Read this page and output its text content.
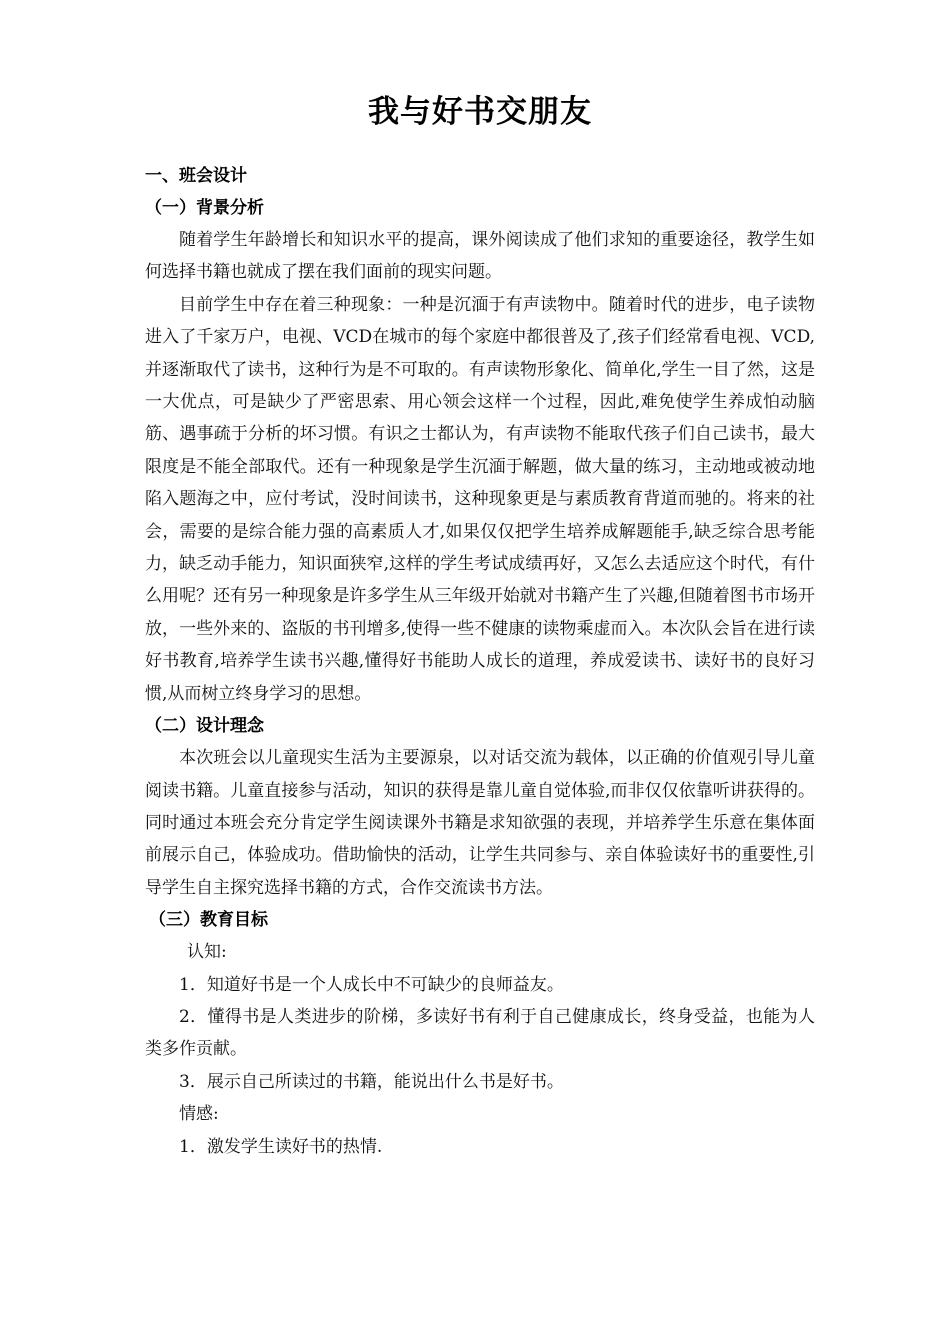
我与好书交朋友
一、班会设计
（一）背景分析

随着学生年龄增长和知识水平的提高，课外阅读成了他们求知的重要途径，教学生如何选择书籍也就成了摆在我们面前的现实问题。

目前学生中存在着三种现象：一种是沉湎于有声读物中。随着时代的进步，电子读物进入了千家万户，电视、VCD在城市的每个家庭中都很普及了,孩子们经常看电视、VCD,并逐渐取代了读书，这种行为是不可取的。有声读物形象化、简单化,学生一目了然，这是一大优点，可是缺少了严密思索、用心领会这样一个过程，因此,难免使学生养成怕动脑筋、遇事疏于分析的坏习惯。有识之士都认为，有声读物不能取代孩子们自己读书，最大限度是不能全部取代。还有一种现象是学生沉湎于解题，做大量的练习，主动地或被动地陷入题海之中，应付考试，没时间读书，这种现象更是与素质教育背道而驰的。将来的社会，需要的是综合能力强的高素质人才,如果仅仅把学生培养成解题能手,缺乏综合思考能力，缺乏动手能力，知识面狭窄,这样的学生考试成绩再好，又怎么去适应这个时代，有什么用呢？还有另一种现象是许多学生从三年级开始就对书籍产生了兴趣,但随着图书市场开放，一些外来的、盗版的书刊增多,使得一些不健康的读物乘虚而入。本次队会旨在进行读好书教育,培养学生读书兴趣,懂得好书能助人成长的道理，养成爱读书、读好书的良好习惯,从而树立终身学习的思想。

（二）设计理念

本次班会以儿童现实生活为主要源泉，以对话交流为载体，以正确的价值观引导儿童阅读书籍。儿童直接参与活动，知识的获得是靠儿童自觉体验,而非仅仅依靠听讲获得的。同时通过本班会充分肯定学生阅读课外书籍是求知欲强的表现，并培养学生乐意在集体面前展示自己，体验成功。借助愉快的活动，让学生共同参与、亲自体验读好书的重要性,引导学生自主探究选择书籍的方式，合作交流读书方法。

（三）教育目标

认知:

1．知道好书是一个人成长中不可缺少的良师益友。

2．懂得书是人类进步的阶梯，多读好书有利于自己健康成长，终身受益，也能为人类多作贡献。

3．展示自己所读过的书籍，能说出什么书是好书。

情感:

1．激发学生读好书的热情.
